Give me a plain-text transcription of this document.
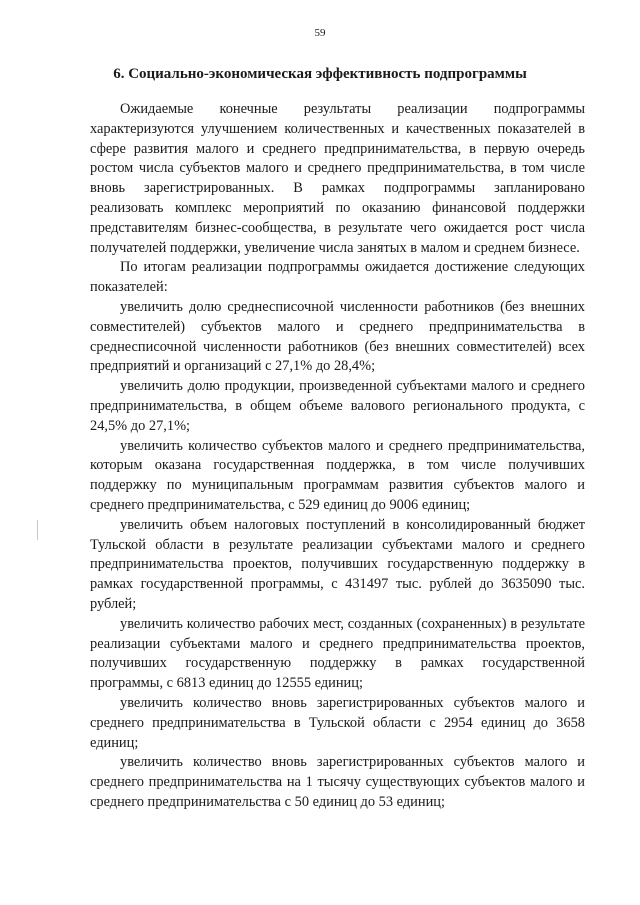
59
6. Социально-экономическая эффективность подпрограммы

Ожидаемые конечные результаты реализации подпрограммы характеризуются улучшением количественных и качественных показателей в сфере развития малого и среднего предпринимательства, в первую очередь ростом числа субъектов малого и среднего предпринимательства, в том числе вновь зарегистрированных. В рамках подпрограммы запланировано реализовать комплекс мероприятий по оказанию финансовой поддержки представителям бизнес-сообщества, в результате чего ожидается рост числа получателей поддержки, увеличение числа занятых в малом и среднем бизнесе.

По итогам реализации подпрограммы ожидается достижение следующих показателей:

увеличить долю среднесписочной численности работников (без внешних совместителей) субъектов малого и среднего предпринимательства в среднесписочной численности работников (без внешних совместителей) всех предприятий и организаций с 27,1% до 28,4%;

увеличить долю продукции, произведенной субъектами малого и среднего предпринимательства, в общем объеме валового регионального продукта, с 24,5% до 27,1%;

увеличить количество субъектов малого и среднего предпринимательства, которым оказана государственная поддержка, в том числе получивших поддержку по муниципальным программам развития субъектов малого и среднего предпринимательства, с 529 единиц до 9006 единиц;

увеличить объем налоговых поступлений в консолидированный бюджет Тульской области в результате реализации субъектами малого и среднего предпринимательства проектов, получивших государственную поддержку в рамках государственной программы, с 431497 тыс. рублей до 3635090 тыс. рублей;

увеличить количество рабочих мест, созданных (сохраненных) в результате реализации субъектами малого и среднего предпринимательства проектов, получивших государственную поддержку в рамках государственной программы, с 6813 единиц до 12555 единиц;

увеличить количество вновь зарегистрированных субъектов малого и среднего предпринимательства в Тульской области с 2954 единиц до 3658 единиц;

увеличить количество вновь зарегистрированных субъектов малого и среднего предпринимательства на 1 тысячу существующих субъектов малого и среднего предпринимательства с 50 единиц до 53 единиц;
